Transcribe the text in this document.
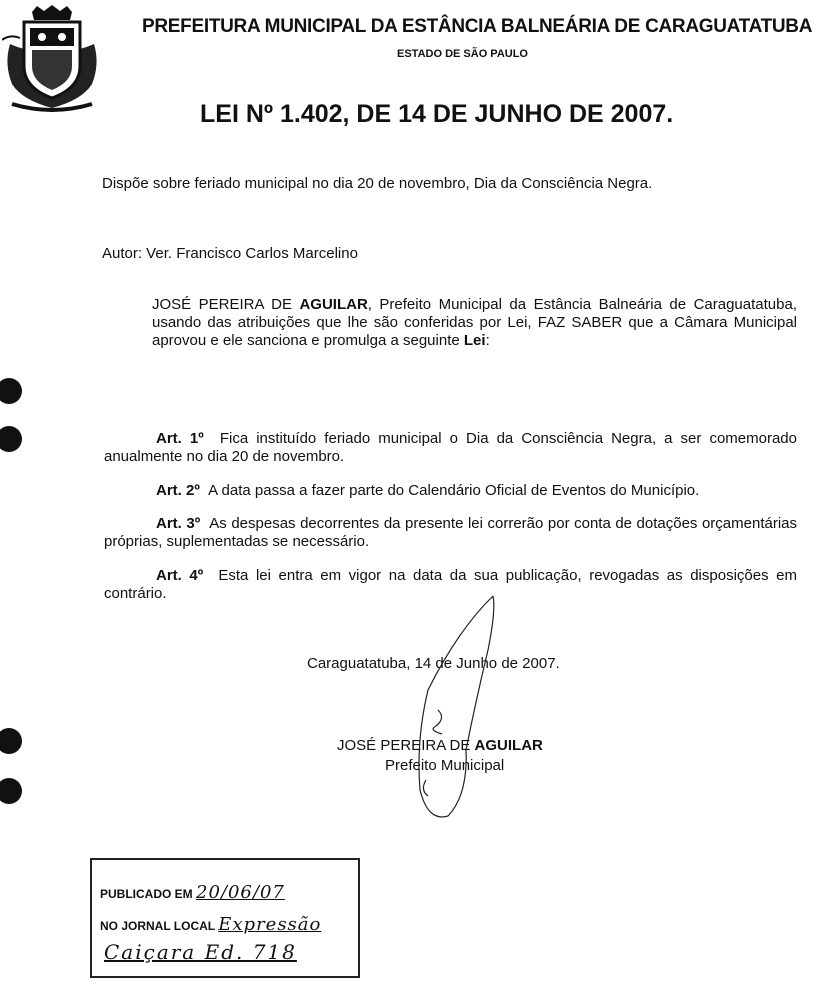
PREFEITURA MUNICIPAL DA ESTÂNCIA BALNEÁRIA DE CARAGUATATUBA
ESTADO DE SÃO PAULO
LEI Nº 1.402, DE 14 DE JUNHO DE 2007.
Dispõe sobre feriado municipal no dia 20 de novembro, Dia da Consciência Negra.
Autor: Ver. Francisco Carlos Marcelino
JOSÉ PEREIRA DE AGUILAR, Prefeito Municipal da Estância Balneária de Caraguatatuba, usando das atribuições que lhe são conferidas por Lei, FAZ SABER que a Câmara Municipal aprovou e ele sanciona e promulga a seguinte Lei:
Art. 1º Fica instituído feriado municipal o Dia da Consciência Negra, a ser comemorado anualmente no dia 20 de novembro.
Art. 2º A data passa a fazer parte do Calendário Oficial de Eventos do Município.
Art. 3º As despesas decorrentes da presente lei correrão por conta de dotações orçamentárias próprias, suplementadas se necessário.
Art. 4º Esta lei entra em vigor na data da sua publicação, revogadas as disposições em contrário.
Caraguatatuba, 14 de Junho de 2007.
JOSÉ PEREIRA DE AGUILAR
Prefeito Municipal
PUBLICADO EM 20/06/07
NO JORNAL LOCAL Expressão
Caiçara Ed. 718
